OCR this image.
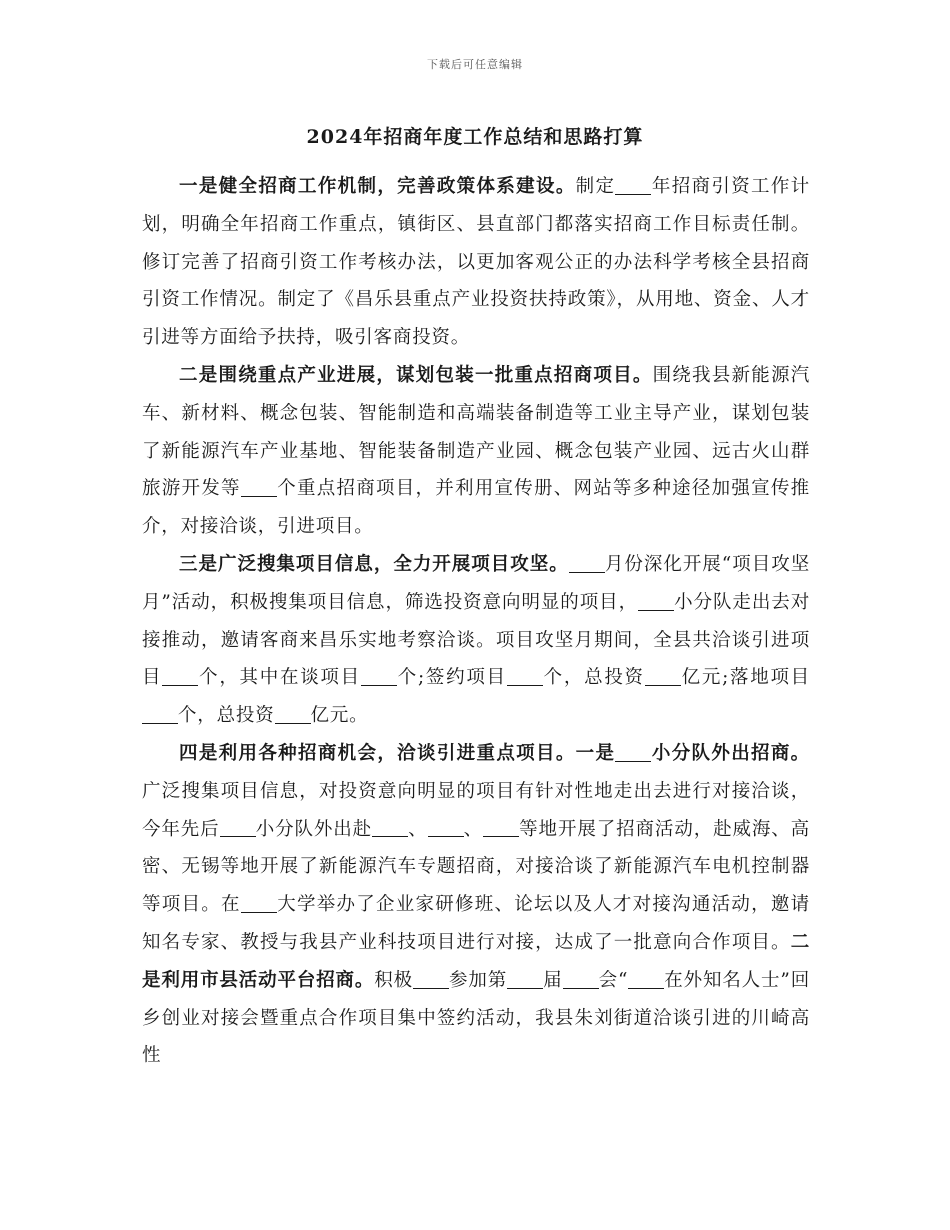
下载后可任意编辑
2024年招商年度工作总结和思路打算

一是健全招商工作机制，完善政策体系建设。制定 年招商引资工作计划，明确全年招商工作重点，镇街区、县直部门都落实招商工作目标责任制。修订完善了招商引资工作考核办法，以更加客观公正的办法科学考核全县招商引资工作情况。制定了《昌乐县重点产业投资扶持政策》，从用地、资金、人才引进等方面给予扶持，吸引客商投资。

二是围绕重点产业进展，谋划包装一批重点招商项目。围绕我县新能源汽车、新材料、概念包装、智能制造和高端装备制造等工业主导产业，谋划包装了新能源汽车产业基地、智能装备制造产业园、概念包装产业园、远古火山群旅游开发等 个重点招商项目，并利用宣传册、网站等多种途径加强宣传推介，对接洽谈，引进项目。

三是广泛搜集项目信息，全力开展项目攻坚。 月份深化开展“项目攻坚月”活动，积极搜集项目信息，筛选投资意向明显的项目， 小分队走出去对接推动，邀请客商来昌乐实地考察洽谈。项目攻坚月期间，全县共洽谈引进项目 个，其中在谈项目 个;签约项目 个，总投资 亿元;落地项目个，总投资 亿元。

四是利用各种招商机会，洽谈引进重点项目。一是 小分队外出招商。广泛搜集项目信息，对投资意向明显的项目有针对性地走出去进行对接洽谈，今年先后 小分队外出赴 、 、 等地开展了招商活动，赴威海、高密、无锡等地开展了新能源汽车专题招商，对接洽谈了新能源汽车电机控制器等项目。在 大学举办了企业家研修班、论坛以及人才对接沟通活动，邀请知名专家、教授与我县产业科技项目进行对接，达成了一批意向合作项目。二是利用市县活动平台招商。积极 参加第 届 会“ 在外知名人士”回乡创业对接会暨重点合作项目集中签约活动，我县朱刘街道洽谈引进的川崎高性
